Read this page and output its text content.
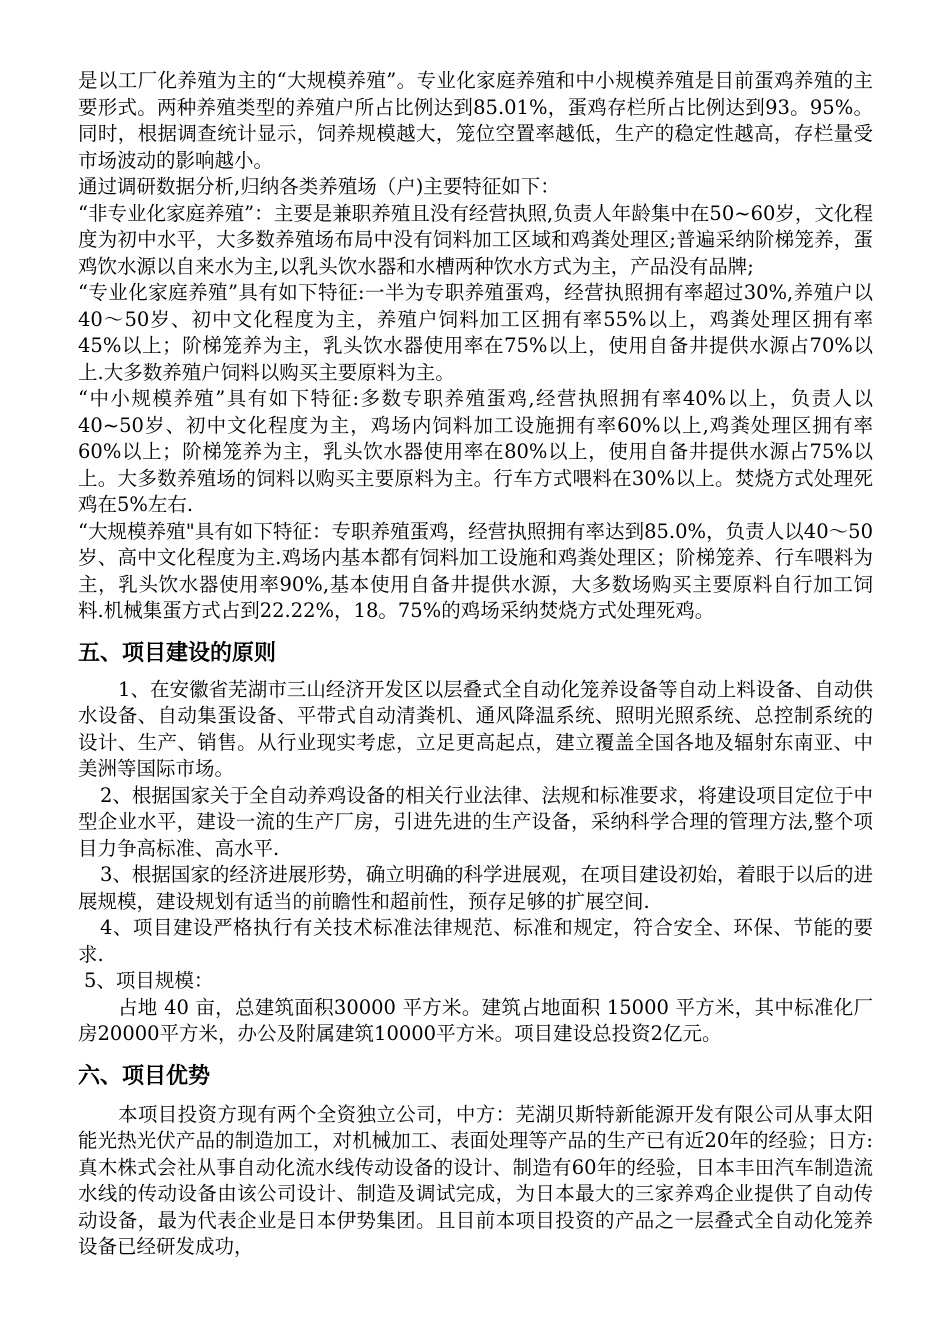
是以工厂化养殖为主的“大规模养殖”。专业化家庭养殖和中小规模养殖是目前蛋鸡养殖的主要形式。两种养殖类型的养殖户所占比例达到85.01%，蛋鸡存栏所占比例达到93。95%。同时，根据调查统计显示，饲养规模越大，笼位空置率越低，生产的稳定性越高，存栏量受市场波动的影响越小。

通过调研数据分析,归纳各类养殖场（户)主要特征如下：

“非专业化家庭养殖”：主要是兼职养殖且没有经营执照,负责人年龄集中在50~60岁，文化程度为初中水平，大多数养殖场布局中没有饲料加工区域和鸡粪处理区;普遍采纳阶梯笼养，蛋鸡饮水源以自来水为主,以乳头饮水器和水槽两种饮水方式为主，产品没有品牌;

“专业化家庭养殖”具有如下特征:一半为专职养殖蛋鸡，经营执照拥有率超过30%,养殖户以40～50岁、初中文化程度为主，养殖户饲料加工区拥有率55%以上，鸡粪处理区拥有率45%以上；阶梯笼养为主，乳头饮水器使用率在75%以上，使用自备井提供水源占70%以上.大多数养殖户饲料以购买主要原料为主。

“中小规模养殖”具有如下特征:多数专职养殖蛋鸡,经营执照拥有率40%以上，负责人以40~50岁、初中文化程度为主，鸡场内饲料加工设施拥有率60%以上,鸡粪处理区拥有率60%以上；阶梯笼养为主，乳头饮水器使用率在80%以上，使用自备井提供水源占75%以上。大多数养殖场的饲料以购买主要原料为主。行车方式喂料在30%以上。焚烧方式处理死鸡在5%左右.

“大规模养殖"具有如下特征：专职养殖蛋鸡，经营执照拥有率达到85.0%，负责人以40～50岁、高中文化程度为主.鸡场内基本都有饲料加工设施和鸡粪处理区；阶梯笼养、行车喂料为主，乳头饮水器使用率90%,基本使用自备井提供水源，大多数场购买主要原料自行加工饲料.机械集蛋方式占到22.22%，18。75%的鸡场采纳焚烧方式处理死鸡。

五、项目建设的原则

1、在安徽省芜湖市三山经济开发区以层叠式全自动化笼养设备等自动上料设备、自动供水设备、自动集蛋设备、平带式自动清粪机、通风降温系统、照明光照系统、总控制系统的设计、生产、销售。从行业现实考虑，立足更高起点，建立覆盖全国各地及辐射东南亚、中美洲等国际市场。

2、根据国家关于全自动养鸡设备的相关行业法律、法规和标准要求，将建设项目定位于中型企业水平，建设一流的生产厂房，引进先进的生产设备，采纳科学合理的管理方法,整个项目力争高标准、高水平.

3、根据国家的经济进展形势，确立明确的科学进展观，在项目建设初始，着眼于以后的进展规模，建设规划有适当的前瞻性和超前性，预存足够的扩展空间.

4、项目建设严格执行有关技术标准法律规范、标准和规定，符合安全、环保、节能的要求.

5、项目规模：

占地 40 亩，总建筑面积30000 平方米。建筑占地面积 15000 平方米，其中标准化厂房20000平方米，办公及附属建筑10000平方米。项目建设总投资2亿元。

六、项目优势

本项目投资方现有两个全资独立公司，中方：芜湖贝斯特新能源开发有限公司从事太阳能光热光伏产品的制造加工，对机械加工、表面处理等产品的生产已有近20年的经验；日方:真木株式会社从事自动化流水线传动设备的设计、制造有60年的经验，日本丰田汽车制造流水线的传动设备由该公司设计、制造及调试完成，为日本最大的三家养鸡企业提供了自动传动设备，最为代表企业是日本伊势集团。且目前本项目投资的产品之一层叠式全自动化笼养设备已经研发成功，
